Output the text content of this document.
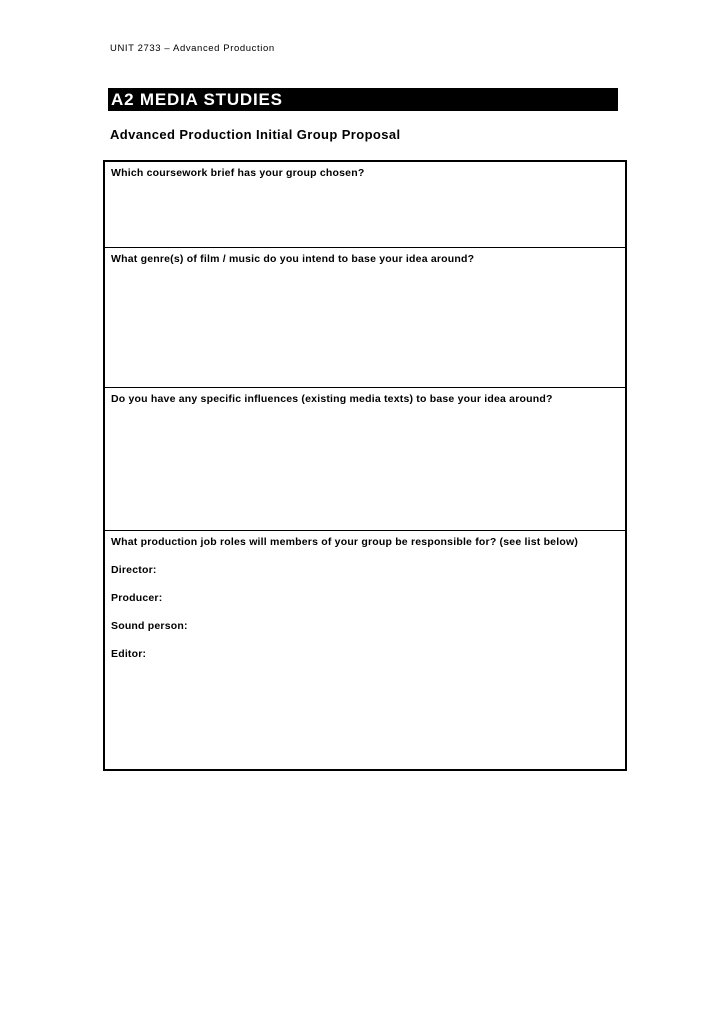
UNIT 2733 – Advanced Production
A2 MEDIA STUDIES
Advanced Production Initial Group Proposal
Which coursework brief has your group chosen?
What genre(s) of film / music do you intend to base your idea around?
Do you have any specific influences (existing media texts) to base your idea around?
What production job roles will members of your group be responsible for? (see list below)
Director:
Producer:
Sound person:
Editor:
